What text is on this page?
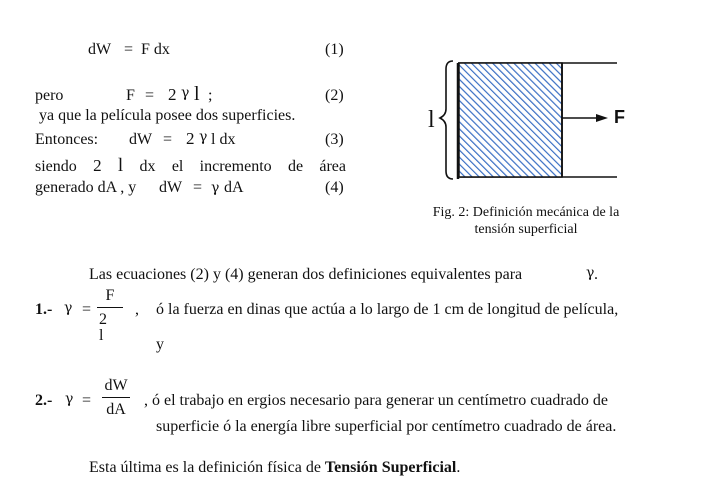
dW = F dx	(1)
pero	F = 2 γ l ;	(2)
ya que la película posee dos superficies.
Entonces: dW = 2 γ l dx	(3)
siendo 2 l dx el incremento de área
generado dA , y dW = γ dA	(4)
l	F
Fig. 2: Definición mecánica de la
tensión superficial
Las ecuaciones (2) y (4) generan dos definiciones equivalentes para	γ .
1.- γ =
F
2 l
, ó la fuerza en dinas que actúa a lo largo de 1 cm de longitud de película,
y
2.- γ =
dW
dA
, ó el trabajo en ergios necesario para generar un centímetro cuadrado de
superficie ó la energía libre superficial por centímetro cuadrado de área.
Esta última es la definición física de Tensión Superficial.
